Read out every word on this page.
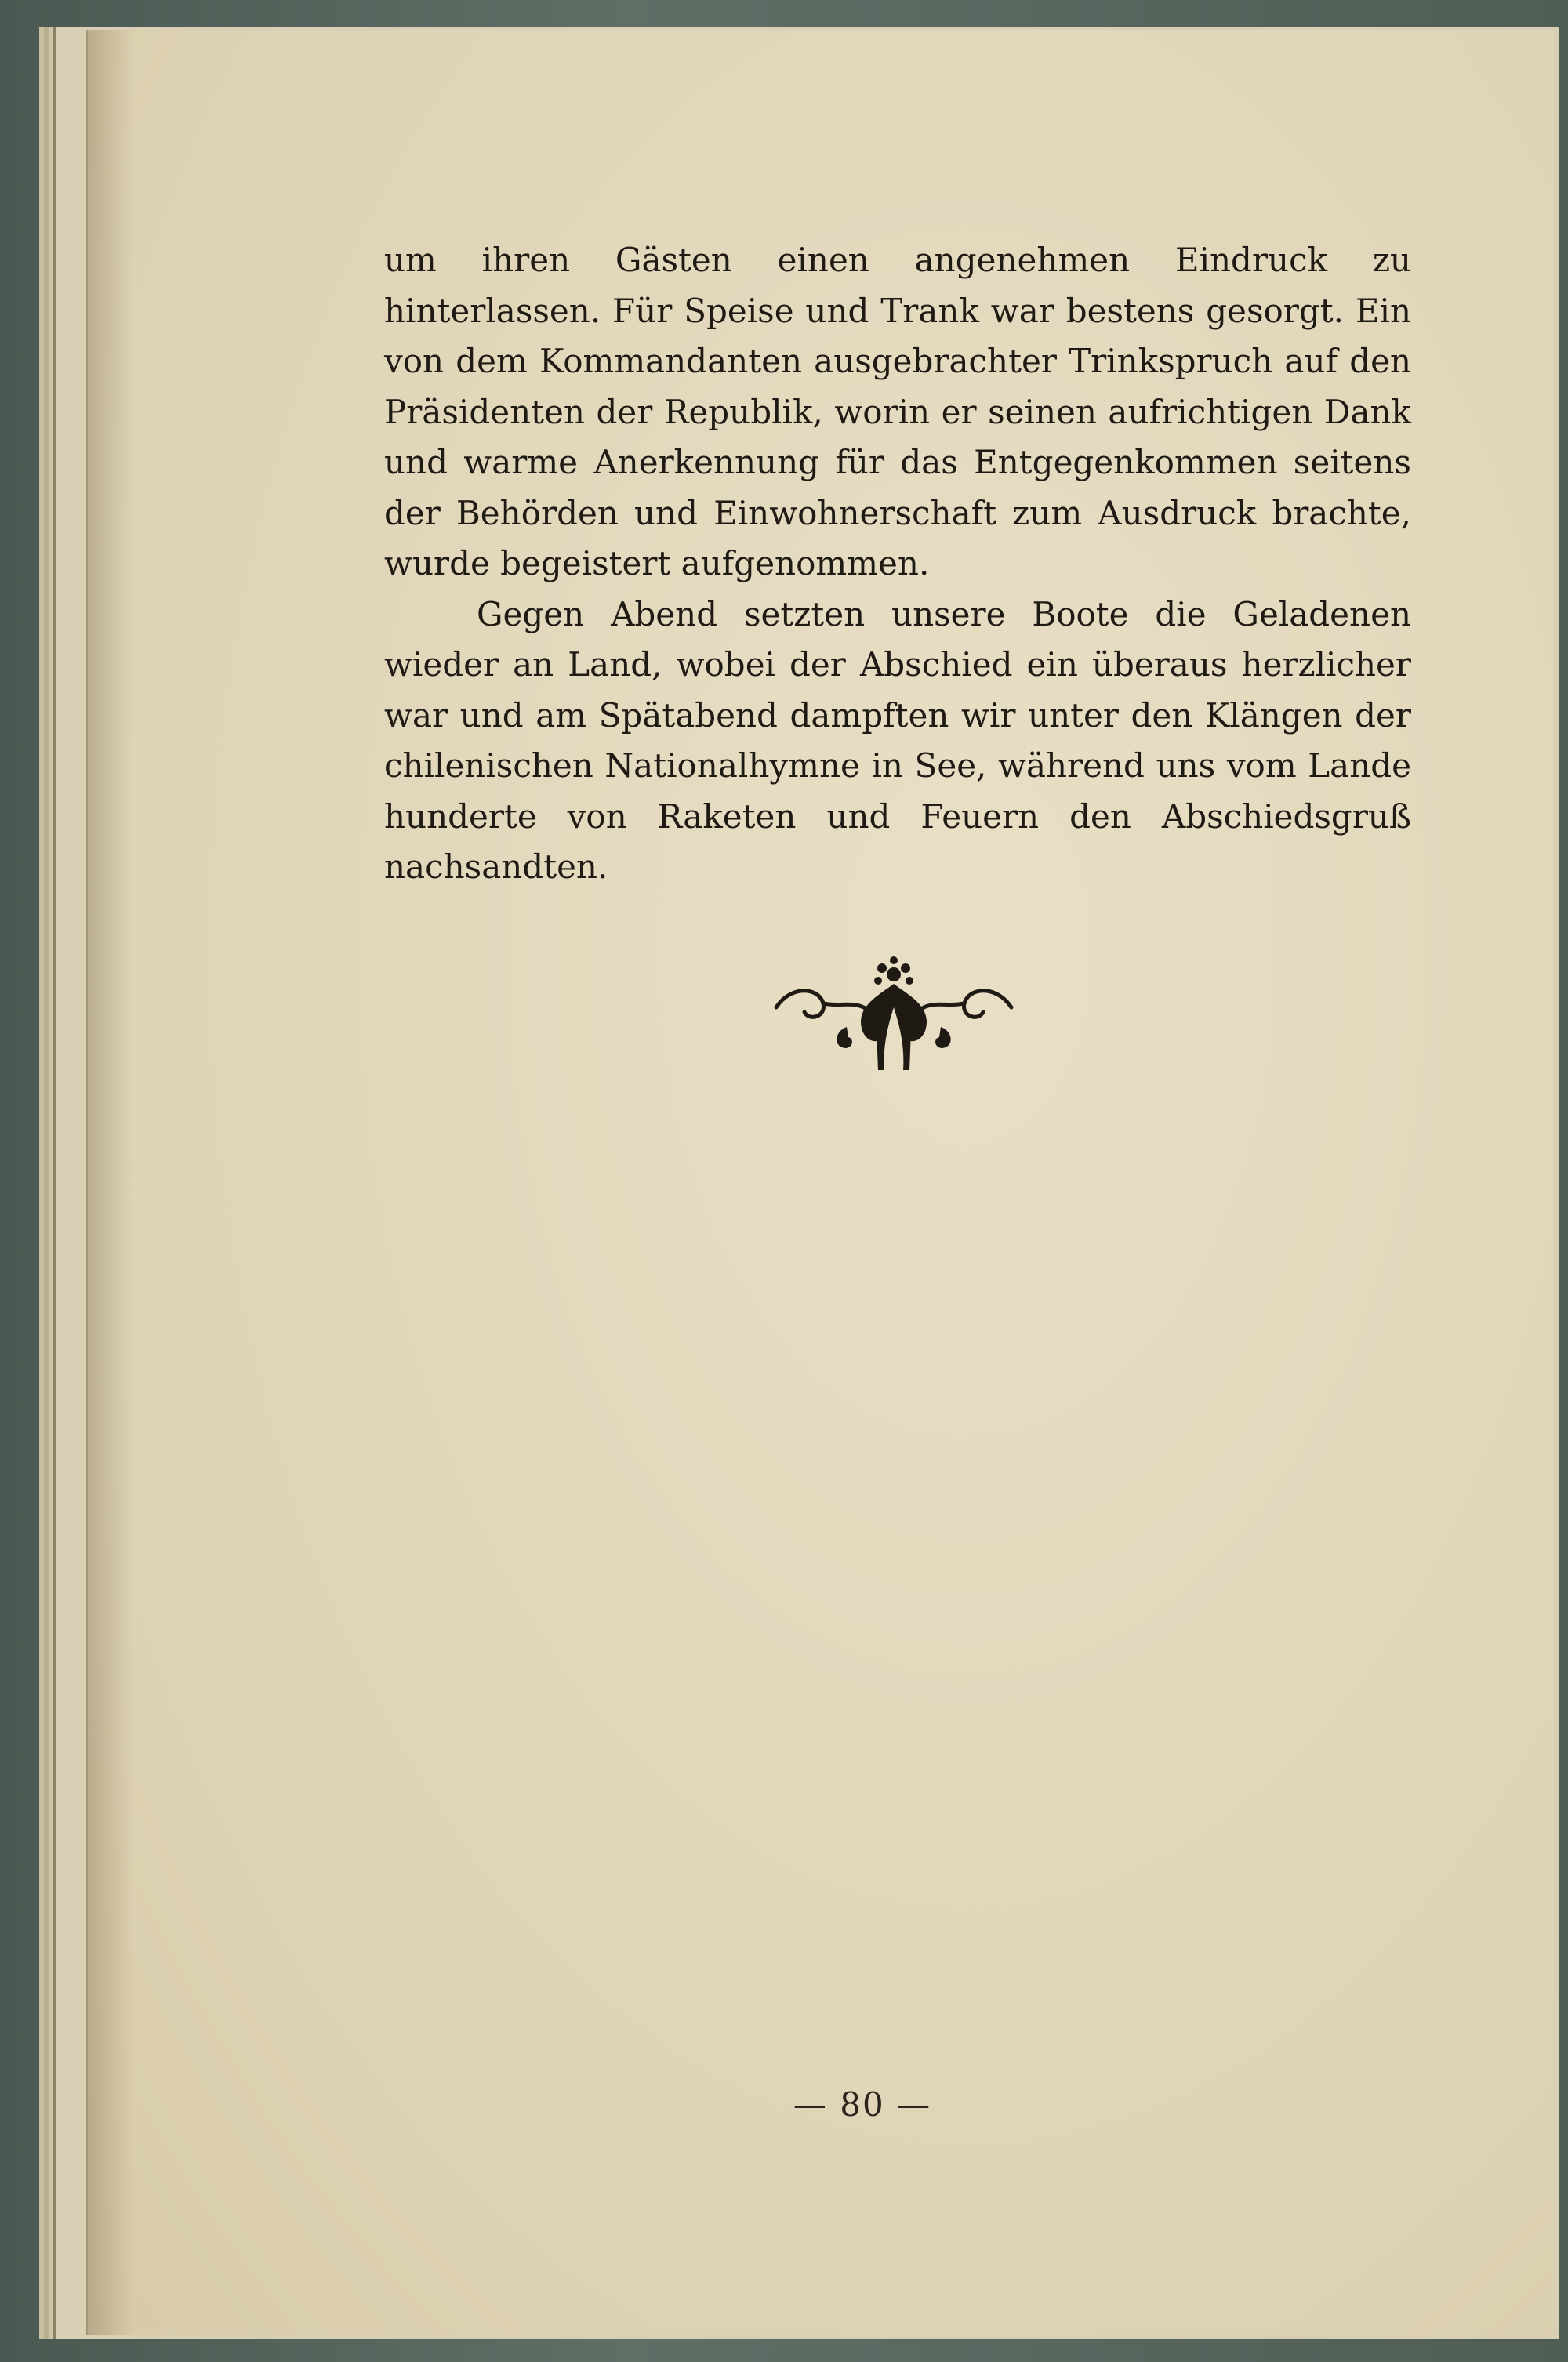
um ihren Gästen einen angenehmen Eindruck zu hinterlassen. Für Speise und Trank war bestens gesorgt. Ein von dem Kommandanten ausgebrachter Trinkspruch auf den Präsidenten der Republik, worin er seinen aufrichtigen Dank und warme Anerkennung für das Entgegenkommen seitens der Behörden und Einwohnerschaft zum Ausdruck brachte, wurde begeistert aufgenommen.

Gegen Abend setzten unsere Boote die Geladenen wieder an Land, wobei der Abschied ein überaus herzlicher war und am Spätabend dampften wir unter den Klängen der chilenischen Nationalhymne in See, während uns vom Lande hunderte von Raketen und Feuern den Abschiedsgruß nachsandten.

— 80 —
